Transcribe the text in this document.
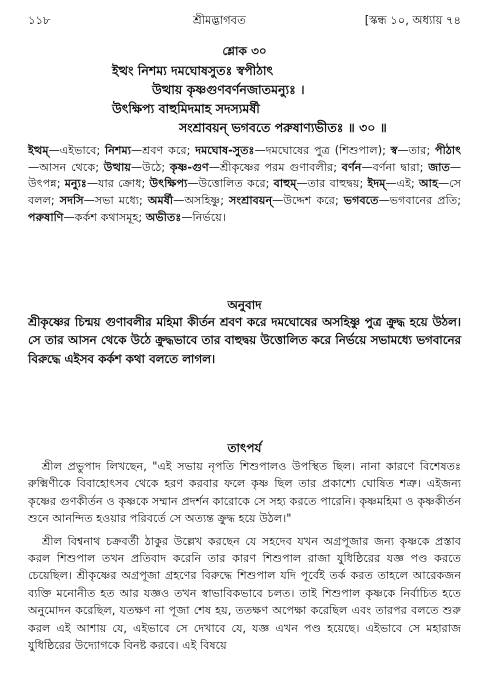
১১৮	শ্রীমদ্ভাগবত	[স্কন্ধ ১০, অধ্যায় ৭৪
শ্লোক ৩০
ইত্থং নিশম্য দমঘোষসুতঃ স্বপীঠাৎ
উত্থায় কৃষ্ণগুণবর্ণনজাতমন্যুঃ ।
উৎক্ষিপ্য বাহুমিদমাহ সদস্যমর্ষী
সংশ্রাবয়ন্ ভগবতে পরুষাণ্যভীতঃ ॥ ৩০ ॥
ইত্থম্—এইভাবে; নিশম্য—শ্রবণ করে; দমঘোষ-সুতঃ—দমঘোষের পুত্র (শিশুপাল); স্ব—তার; পীঠাৎ—আসন থেকে; উত্থায়—উঠে; কৃষ্ণ-গুণ—শ্রীকৃষ্ণের পরম গুণাবলীর; বর্ণন—বর্ণনা দ্বারা; জাত—উৎপন্ন; মন্যুঃ—যার ক্রোধ; উৎক্ষিপ্য—উত্তোলিত করে; বাহুম্—তার বাহুদ্বয়; ইদম্—এই; আহ—সে বলল; সদসি—সভা মধ্যে; অমর্ষী—অসহিষ্ণু; সংশ্রাবয়ন্—উদ্দেশ করে; ভগবতে—ভগবানের প্রতি; পরুষাণি—কর্কশ কথাসমূহ; অভীতঃ—নির্ভয়ে।
অনুবাদ
শ্রীকৃষ্ণের চিন্ময় গুণাবলীর মহিমা কীর্তন শ্রবণ করে দমঘোষের অসহিষ্ণু পুত্র ক্রুদ্ধ হয়ে উঠল। সে তার আসন থেকে উঠে ক্রুদ্ধভাবে তার বাহুদ্বয় উত্তোলিত করে নির্ভয়ে সভামধ্যে ভগবানের বিরুদ্ধে এইসব কর্কশ কথা বলতে লাগল।
তাৎপর্য

শ্রীল প্রভুপাদ লিখছেন, "এই সভায় নৃপতি শিশুপালও উপস্থিত ছিল। নানা কারণে বিশেষতঃ রুক্মিণীকে বিবাহোৎসব থেকে হরণ করবার ফলে কৃষ্ণ ছিল তার প্রকাশ্যে ঘোষিত শত্রু। এইজন্য কৃষ্ণের গুণকীর্তন ও কৃষ্ণকে সম্মান প্রদর্শন কারোকে সে সহ্য করতে পারেনি। কৃষ্ণমহিমা ও কৃষ্ণকীর্তন শুনে আনন্দিত হওয়ার পরিবর্তে সে অত্যন্ত ক্রুদ্ধ হয়ে উঠল।"

শ্রীল বিশ্বনাথ চক্রবর্তী ঠাকুর উল্লেখ করছেন যে সহদেব যখন অগ্রপূজার জন্য কৃষ্ণকে প্রস্তাব করল শিশুপাল তখন প্রতিবাদ করেনি তার কারণ শিশুপাল রাজা যুধিষ্ঠিরের যজ্ঞ পণ্ড করতে চেয়েছিল। শ্রীকৃষ্ণের অগ্রপূজা গ্রহণের বিরুদ্ধে শিশুপাল যদি পূর্বেই তর্ক করত তাহলে আরেকজন ব্যক্তি মনোনীত হত আর যজ্ঞও তখন স্বাভাবিকভাবে চলত। তাই শিশুপাল কৃষ্ণকে নির্বাচিত হতে অনুমোদন করেছিল, যতক্ষণ না পূজা শেষ হয়, ততক্ষণ অপেক্ষা করেছিল এবং তারপর বলতে শুরু করল এই আশায় যে, এইভাবে সে দেখাবে যে, যজ্ঞ এখন পণ্ড হয়েছে। এইভাবে সে মহারাজ যুধিষ্ঠিরের উদ্যোগকে বিনষ্ট করবে। এই বিষয়ে
